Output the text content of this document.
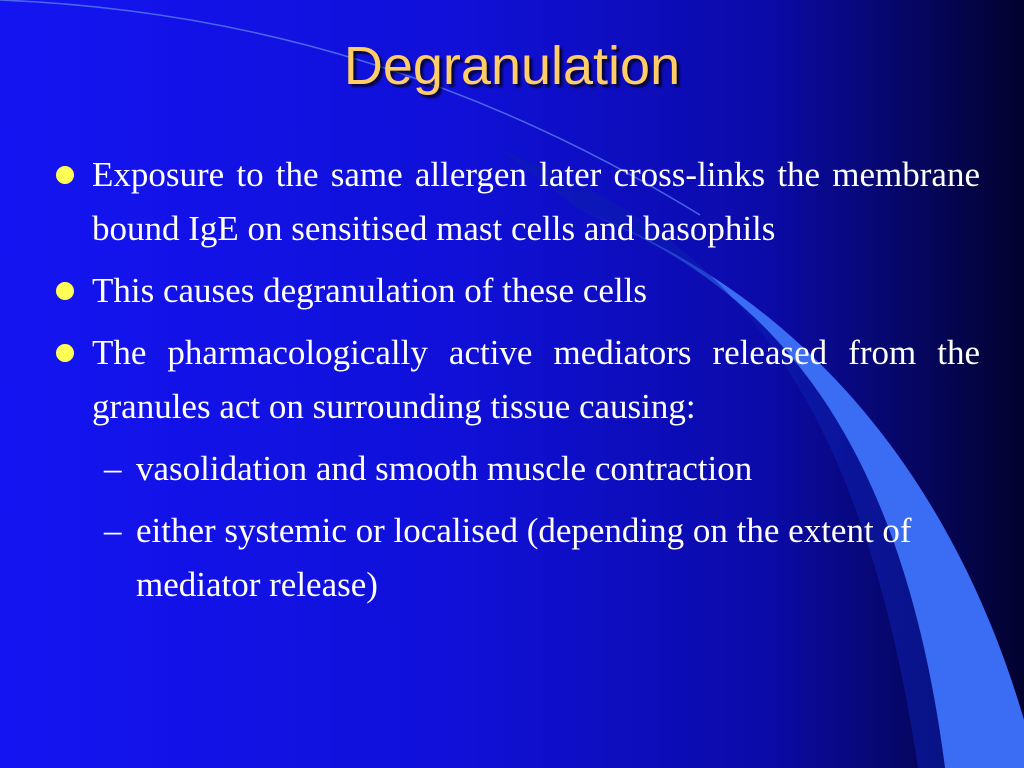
Degranulation
Exposure to the same allergen later cross-links the membrane bound IgE on sensitised mast cells and basophils
This causes degranulation of these cells
The pharmacologically active mediators released from the granules act on surrounding tissue causing:
– vasolidation and smooth muscle contraction
– either systemic or localised (depending on the extent of mediator release)
